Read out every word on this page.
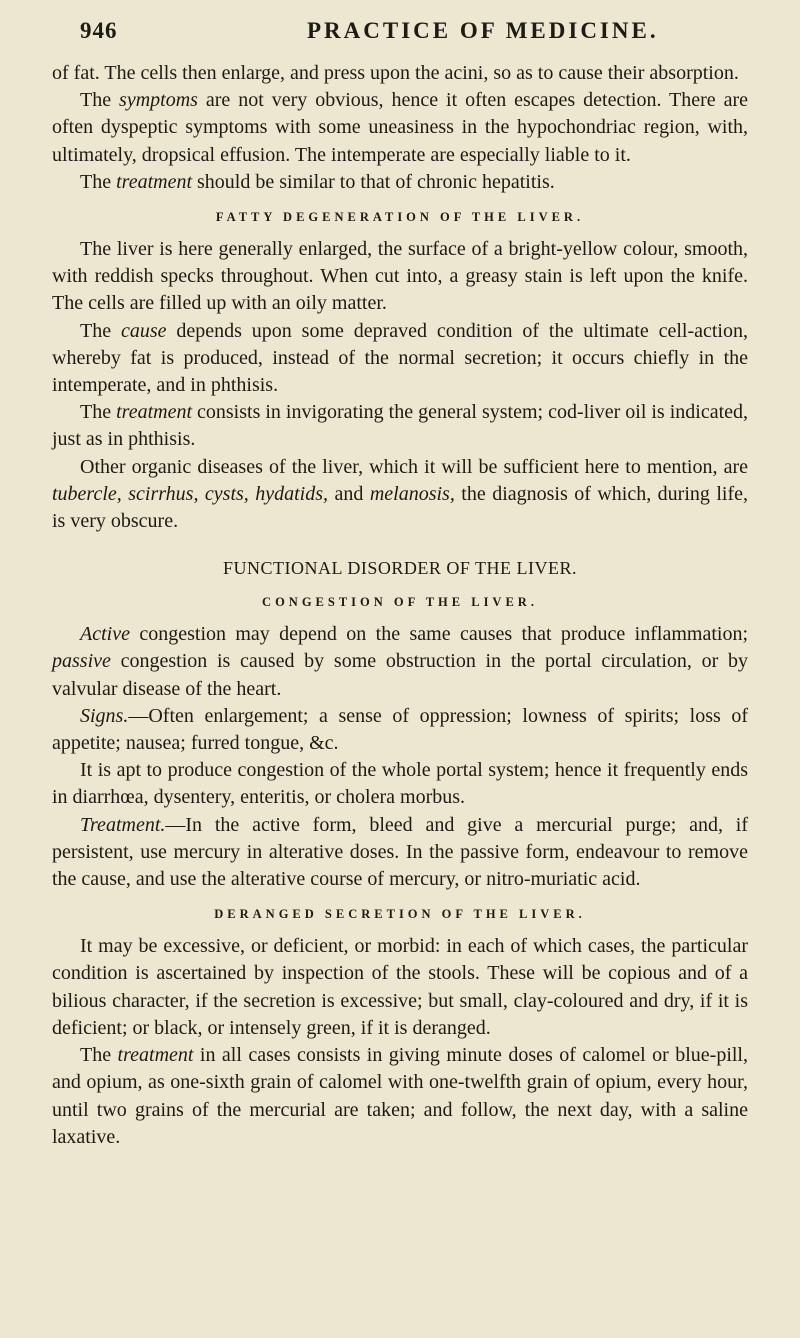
946	PRACTICE OF MEDICINE.

of fat. The cells then enlarge, and press upon the acini, so as to cause their absorption.

The symptoms are not very obvious, hence it often escapes detection. There are often dyspeptic symptoms with some uneasiness in the hypochondriac region, with, ultimately, dropsical effusion. The intemperate are especially liable to it.

The treatment should be similar to that of chronic hepatitis.

FATTY DEGENERATION OF THE LIVER.

The liver is here generally enlarged, the surface of a bright-yellow colour, smooth, with reddish specks throughout. When cut into, a greasy stain is left upon the knife. The cells are filled up with an oily matter.

The cause depends upon some depraved condition of the ultimate cell-action, whereby fat is produced, instead of the normal secretion; it occurs chiefly in the intemperate, and in phthisis.

The treatment consists in invigorating the general system; cod-liver oil is indicated, just as in phthisis.

Other organic diseases of the liver, which it will be sufficient here to mention, are tubercle, scirrhus, cysts, hydatids, and melanosis, the diagnosis of which, during life, is very obscure.

FUNCTIONAL DISORDER OF THE LIVER.
CONGESTION OF THE LIVER.

Active congestion may depend on the same causes that produce inflammation; passive congestion is caused by some obstruction in the portal circulation, or by valvular disease of the heart.

Signs.—Often enlargement; a sense of oppression; lowness of spirits; loss of appetite; nausea; furred tongue, &c.

It is apt to produce congestion of the whole portal system; hence it frequently ends in diarrhœa, dysentery, enteritis, or cholera morbus.

Treatment.—In the active form, bleed and give a mercurial purge; and, if persistent, use mercury in alterative doses. In the passive form, endeavour to remove the cause, and use the alterative course of mercury, or nitro-muriatic acid.

DERANGED SECRETION OF THE LIVER.

It may be excessive, or deficient, or morbid: in each of which cases, the particular condition is ascertained by inspection of the stools. These will be copious and of a bilious character, if the secretion is excessive; but small, clay-coloured and dry, if it is deficient; or black, or intensely green, if it is deranged.

The treatment in all cases consists in giving minute doses of calomel or blue-pill, and opium, as one-sixth grain of calomel with one-twelfth grain of opium, every hour, until two grains of the mercurial are taken; and follow, the next day, with a saline laxative.
